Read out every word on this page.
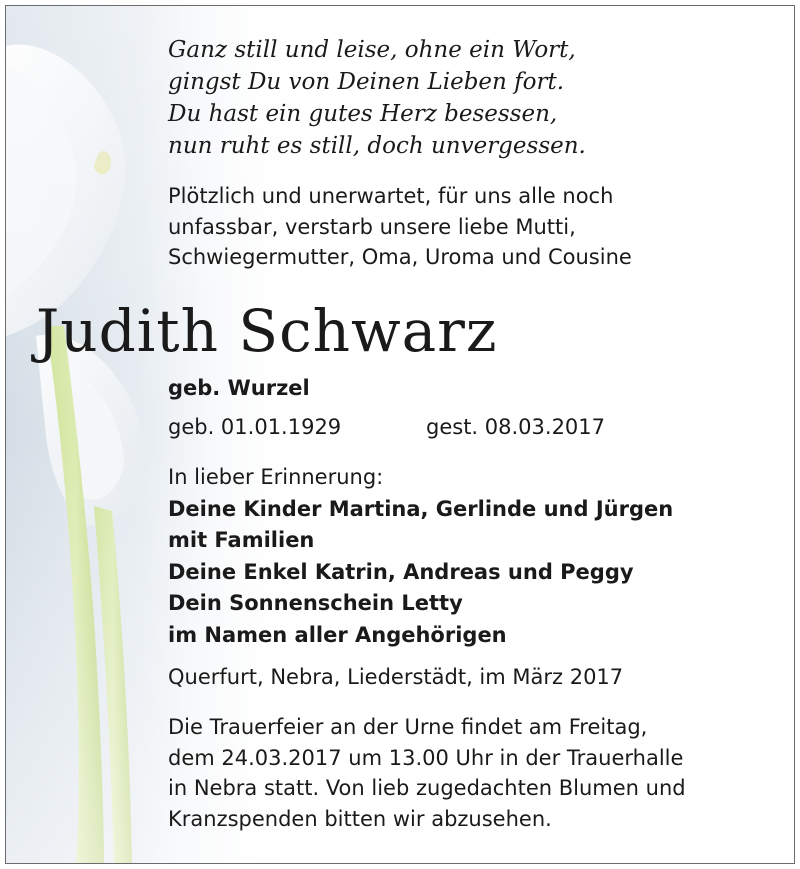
Ganz still und leise, ohne ein Wort,
gingst Du von Deinen Lieben fort.
Du hast ein gutes Herz besessen,
nun ruht es still, doch unvergessen.
Plötzlich und unerwartet, für uns alle noch
unfassbar, verstarb unsere liebe Mutti,
Schwiegermutter, Oma, Uroma und Cousine
Judith Schwarz
geb. Wurzel
geb. 01.01.1929	gest. 08.03.2017
In lieber Erinnerung:
Deine Kinder Martina, Gerlinde und Jürgen
mit Familien
Deine Enkel Katrin, Andreas und Peggy
Dein Sonnenschein Letty
im Namen aller Angehörigen
Querfurt, Nebra, Liederstädt, im März 2017
Die Trauerfeier an der Urne findet am Freitag,
dem 24.03.2017 um 13.00 Uhr in der Trauerhalle
in Nebra statt. Von lieb zugedachten Blumen und
Kranzspenden bitten wir abzusehen.
